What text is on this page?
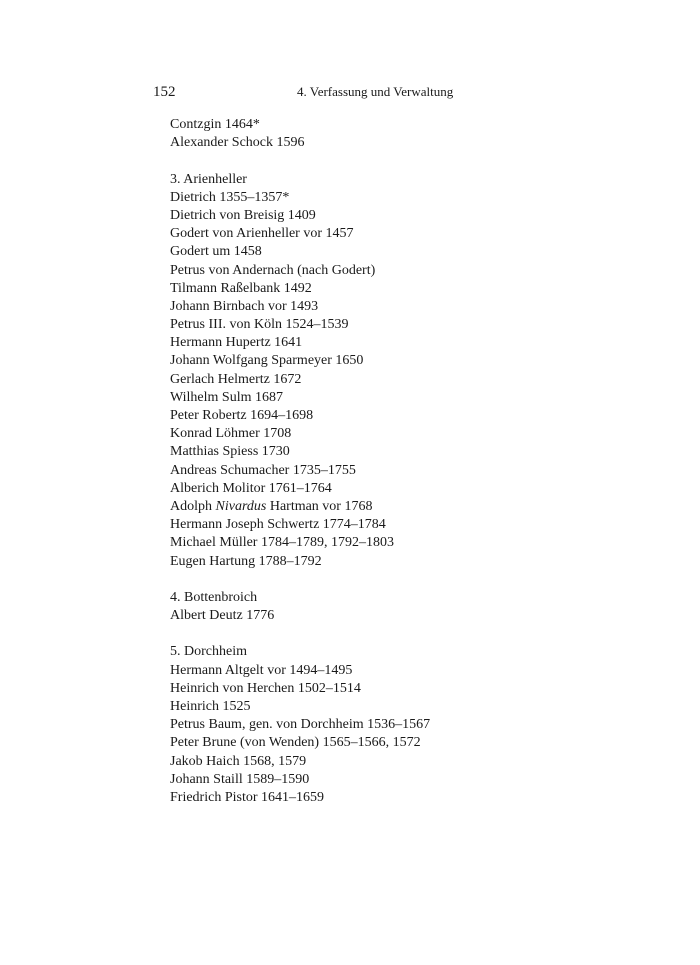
152	4. Verfassung und Verwaltung
Contzgin 1464*
Alexander Schock 1596
3. Arienheller
Dietrich 1355–1357*
Dietrich von Breisig 1409
Godert von Arienheller vor 1457
Godert um 1458
Petrus von Andernach (nach Godert)
Tilmann Raßelbank 1492
Johann Birnbach vor 1493
Petrus III. von Köln 1524–1539
Hermann Hupertz 1641
Johann Wolfgang Sparmeyer 1650
Gerlach Helmertz 1672
Wilhelm Sulm 1687
Peter Robertz 1694–1698
Konrad Löhmer 1708
Matthias Spiess 1730
Andreas Schumacher 1735–1755
Alberich Molitor 1761–1764
Adolph Nivardus Hartman vor 1768
Hermann Joseph Schwertz 1774–1784
Michael Müller 1784–1789, 1792–1803
Eugen Hartung 1788–1792
4. Bottenbroich
Albert Deutz 1776
5. Dorchheim
Hermann Altgelt vor 1494–1495
Heinrich von Herchen 1502–1514
Heinrich 1525
Petrus Baum, gen. von Dorchheim 1536–1567
Peter Brune (von Wenden) 1565–1566, 1572
Jakob Haich 1568, 1579
Johann Staill 1589–1590
Friedrich Pistor 1641–1659
